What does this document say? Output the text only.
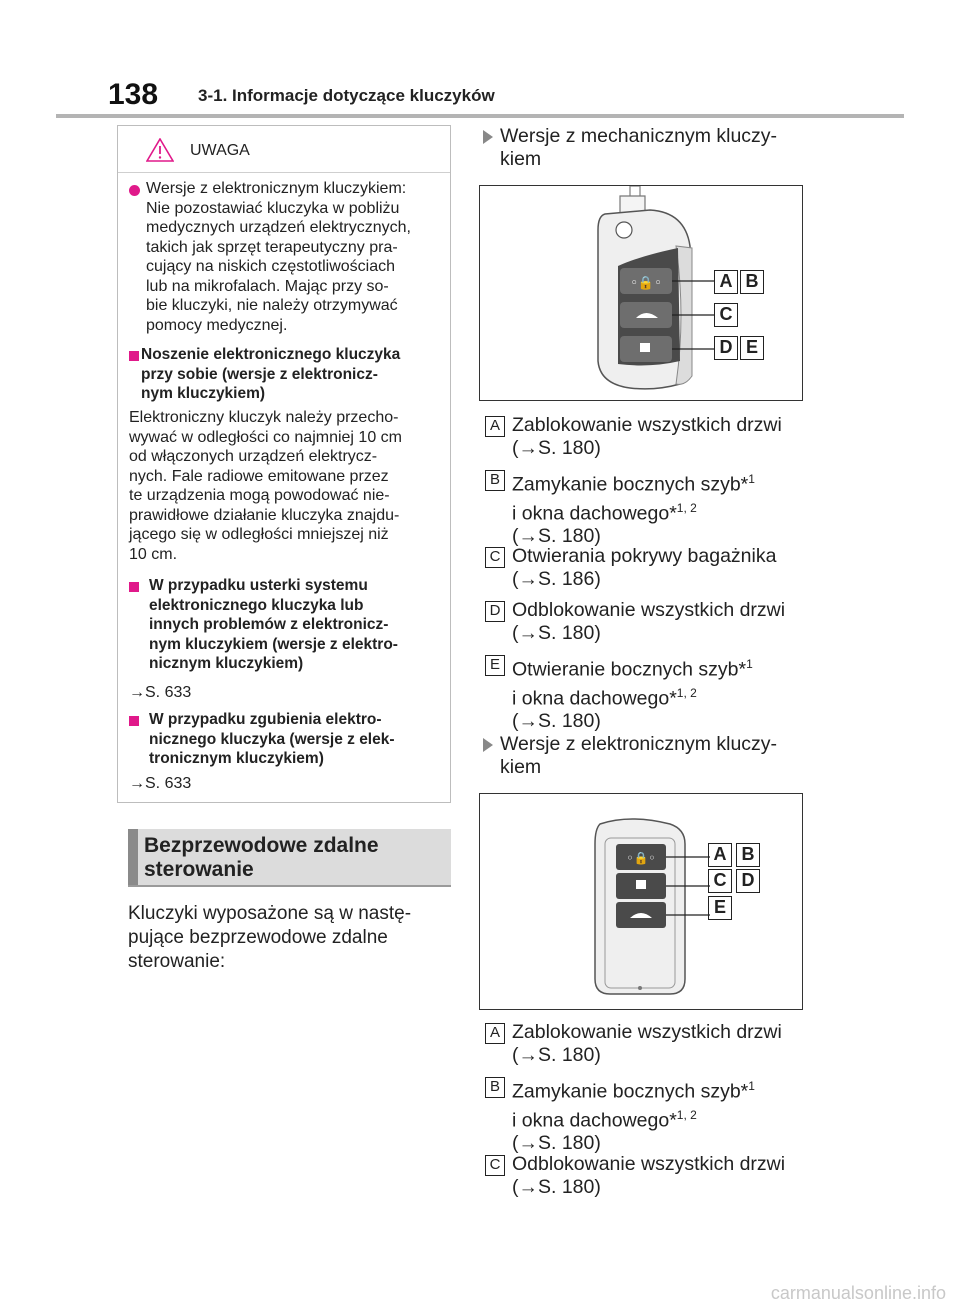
138 3-1. Informacje dotyczące kluczyków
UWAGA
Wersje z elektronicznym kluczykiem:
Nie pozostawiać kluczyka w pobliżu
medycznych urządzeń elektrycznych,
takich jak sprzęt terapeutyczny pra-
cujący na niskich częstotliwościach
lub na mikrofalach. Mając przy so-
bie kluczyki, nie należy otrzymywać
pomocy medycznej.
Noszenie elektronicznego kluczyka
przy sobie (wersje z elektronicz-
nym kluczykiem)
Elektroniczny kluczyk należy przecho-
wywać w odległości co najmniej 10 cm
od włączonych urządzeń elektrycz-
nych. Fale radiowe emitowane przez
te urządzenia mogą powodować nie-
prawidłowe działanie kluczyka znajdu-
jącego się w odległości mniejszej niż
10 cm.
W przypadku usterki systemu
elektronicznego kluczyka lub
innych problemów z elektronicz-
nym kluczykiem (wersje z elektro-
nicznym kluczykiem)
→S. 633
W przypadku zgubienia elektro-
nicznego kluczyka (wersje z elek-
tronicznym kluczykiem)
→S. 633
Bezprzewodowe zdalne
sterowanie
Kluczyki wyposażone są w nastę-
pujące bezprzewodowe zdalne
sterowanie:
Wersje z mechanicznym kluczy-
kiem
◦🔒◦	A B
C
D E
A Zablokowanie wszystkich drzwi
(→S. 180)
B Zamykanie bocznych szyb*$^1$
i okna dachowego*$^{1, 2}$
(→S. 180)
C Otwierania pokrywy bagażnika
(→S. 186)
D Odblokowanie wszystkich drzwi
(→S. 180)
E Otwieranie bocznych szyb*$^1$
i okna dachowego*$^{1, 2}$
(→S. 180)
Wersje z elektronicznym kluczy-
kiem
◦🔒◦	A B
C D
E
A Zablokowanie wszystkich drzwi
(→S. 180)
B Zamykanie bocznych szyb*$^1$
i okna dachowego*$^{1, 2}$
(→S. 180)
C Odblokowanie wszystkich drzwi
(→S. 180)
carmanualsonline.info
